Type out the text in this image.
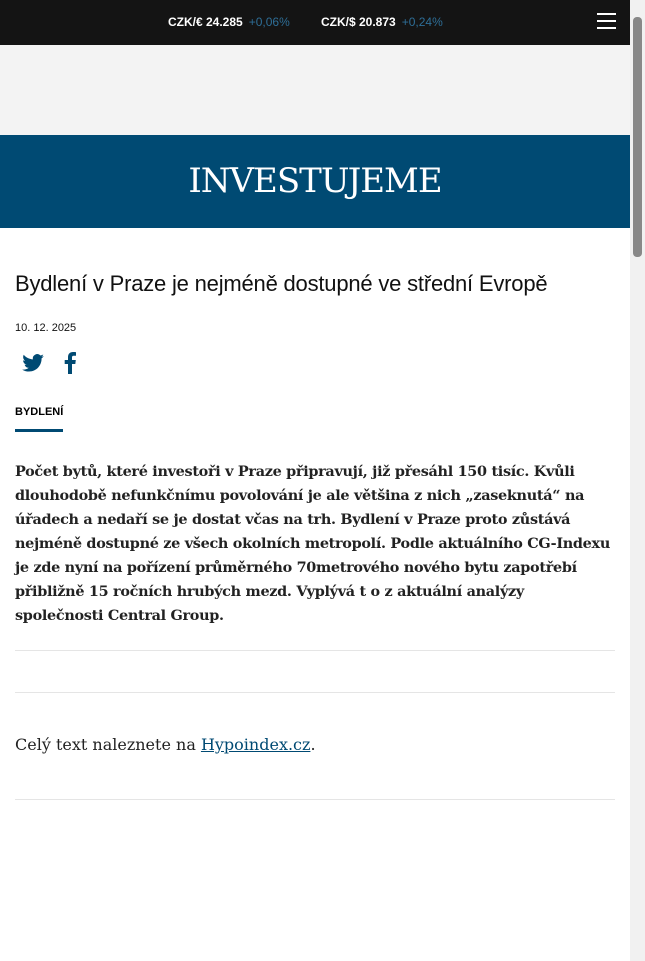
CZK/€ 24.285 +0,06%	CZK/$ 20.873 +0,24%
INVESTUJEME
Bydlení v Praze je nejméně dostupné ve střední Evropě
10. 12. 2025
BYDLENÍ

Počet bytů, které investoři v Praze připravují, již přesáhl 150 tisíc. Kvůli dlouhodobě nefunkčnímu povolování je ale většina z nich „zaseknutá“ na úřadech a nedaří se je dostat včas na trh. Bydlení v Praze proto zůstává nejméně dostupné ze všech okolních metropolí. Podle aktuálního CG-Indexu je zde nyní na pořízení průměrného 70metrového nového bytu zapotřebí přibližně 15 ročních hrubých mezd. Vyplývá t o z aktuální analýzy společnosti Central Group.

Celý text naleznete na Hypoindex.cz.
